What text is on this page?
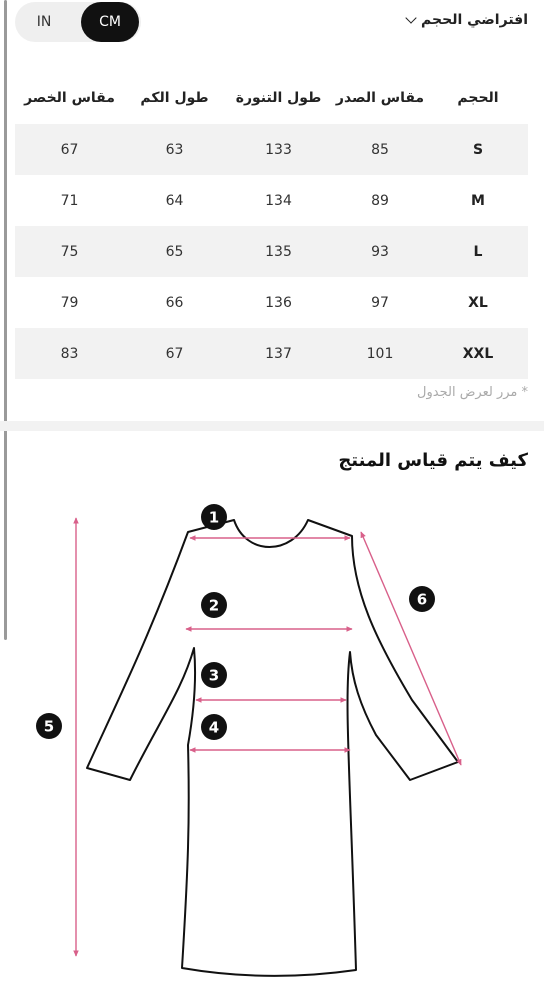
IN	CM	افتراضي الحجم
الحجم
مقاس الصدر
طول التنورة
طول الكم
مقاس الخصر
S
85
133
63
67
M
89
134
64
71
L
93
135
65
75
XL
97
136
66
79
XXL
101
137
67
83
* مرر لعرض الجدول
كيف يتم قياس المنتج
1
2
3
4
5
6
